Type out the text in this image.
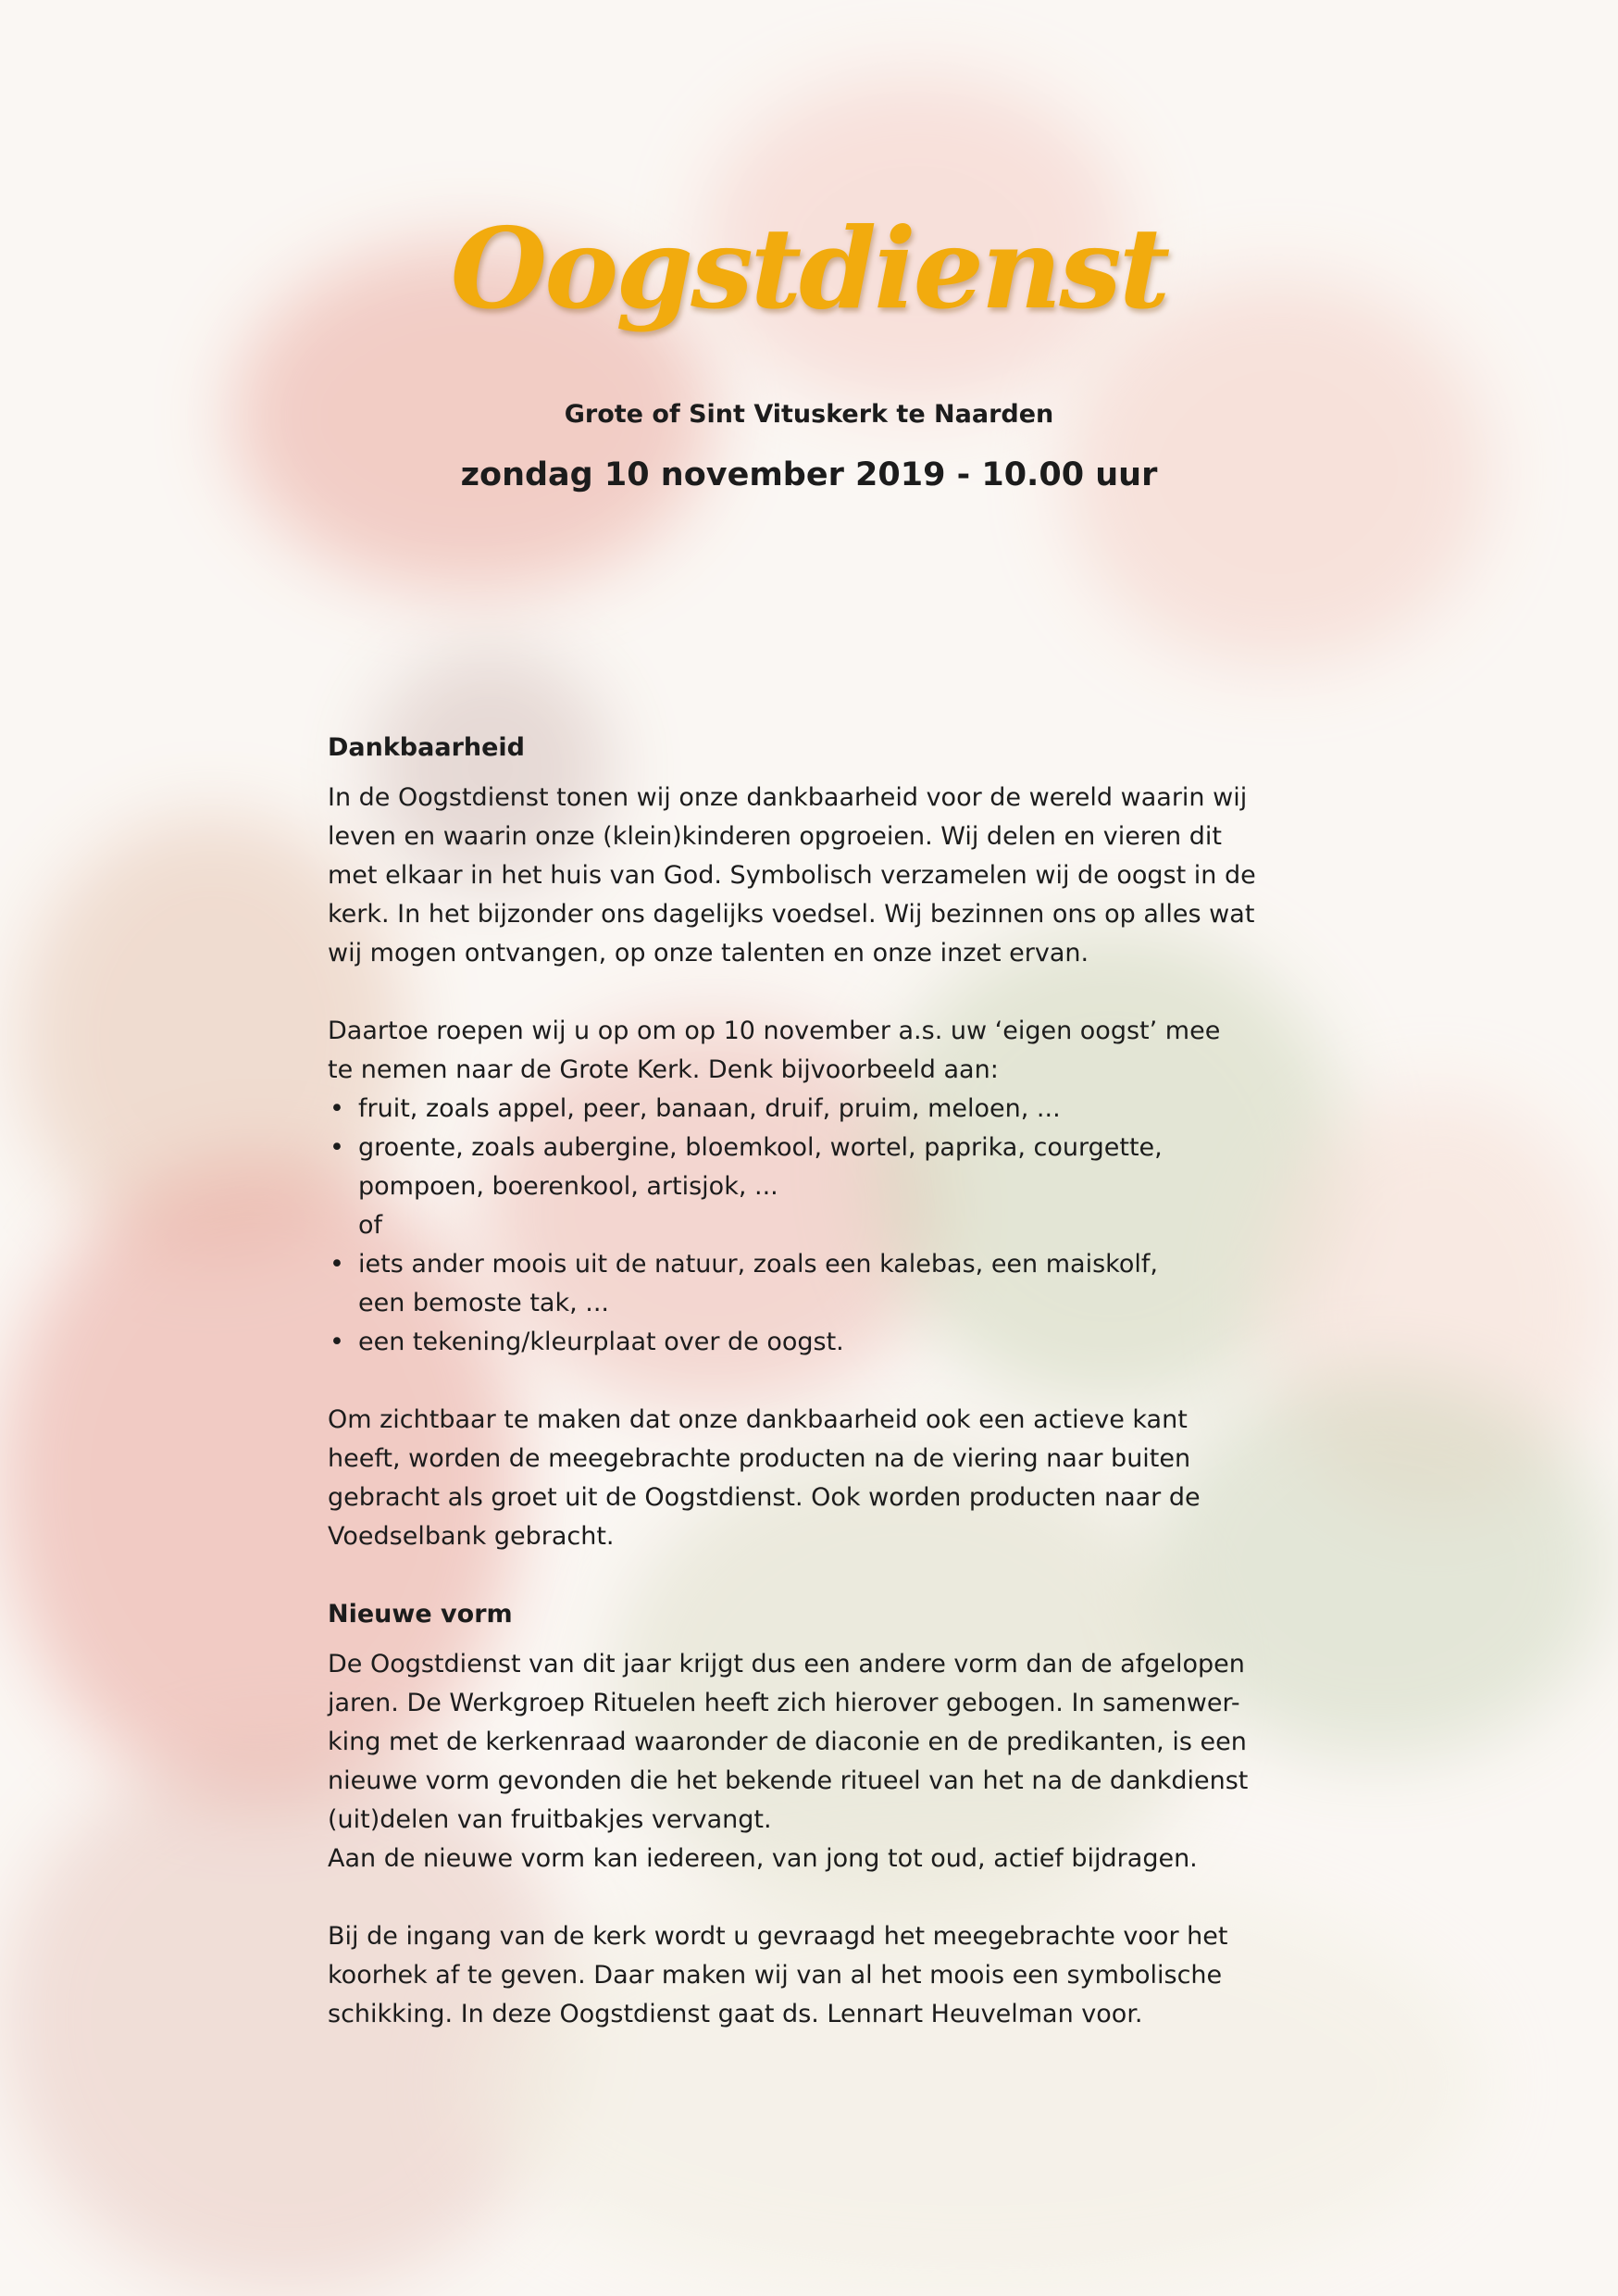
Oogstdienst
Grote of Sint Vituskerk te Naarden
zondag 10 november 2019 - 10.00 uur
Dankbaarheid

In de Oogstdienst tonen wij onze dankbaarheid voor de wereld waarin wij
leven en waarin onze (klein)kinderen opgroeien. Wij delen en vieren dit
met elkaar in het huis van God. Symbolisch verzamelen wij de oogst in de
kerk. In het bijzonder ons dagelijks voedsel. Wij bezinnen ons op alles wat
wij mogen ontvangen, op onze talenten en onze inzet ervan.

Daartoe roepen wij u op om op 10 november a.s. uw ‘eigen oogst’ mee
te nemen naar de Grote Kerk. Denk bijvoorbeeld aan:
• fruit, zoals appel, peer, banaan, druif, pruim, meloen, ...
• groente, zoals aubergine, bloemkool, wortel, paprika, courgette,
pompoen, boerenkool, artisjok, ...
of
• iets ander moois uit de natuur, zoals een kalebas, een maiskolf,
een bemoste tak, ...
• een tekening/kleurplaat over de oogst.

Om zichtbaar te maken dat onze dankbaarheid ook een actieve kant
heeft, worden de meegebrachte producten na de viering naar buiten
gebracht als groet uit de Oogstdienst. Ook worden producten naar de
Voedselbank gebracht.

Nieuwe vorm

De Oogstdienst van dit jaar krijgt dus een andere vorm dan de afgelopen
jaren. De Werkgroep Rituelen heeft zich hierover gebogen. In samenwer-
king met de kerkenraad waaronder de diaconie en de predikanten, is een
nieuwe vorm gevonden die het bekende ritueel van het na de dankdienst
(uit)delen van fruitbakjes vervangt.
Aan de nieuwe vorm kan iedereen, van jong tot oud, actief bijdragen.

Bij de ingang van de kerk wordt u gevraagd het meegebrachte voor het
koorhek af te geven. Daar maken wij van al het moois een symbolische
schikking. In deze Oogstdienst gaat ds. Lennart Heuvelman voor.
